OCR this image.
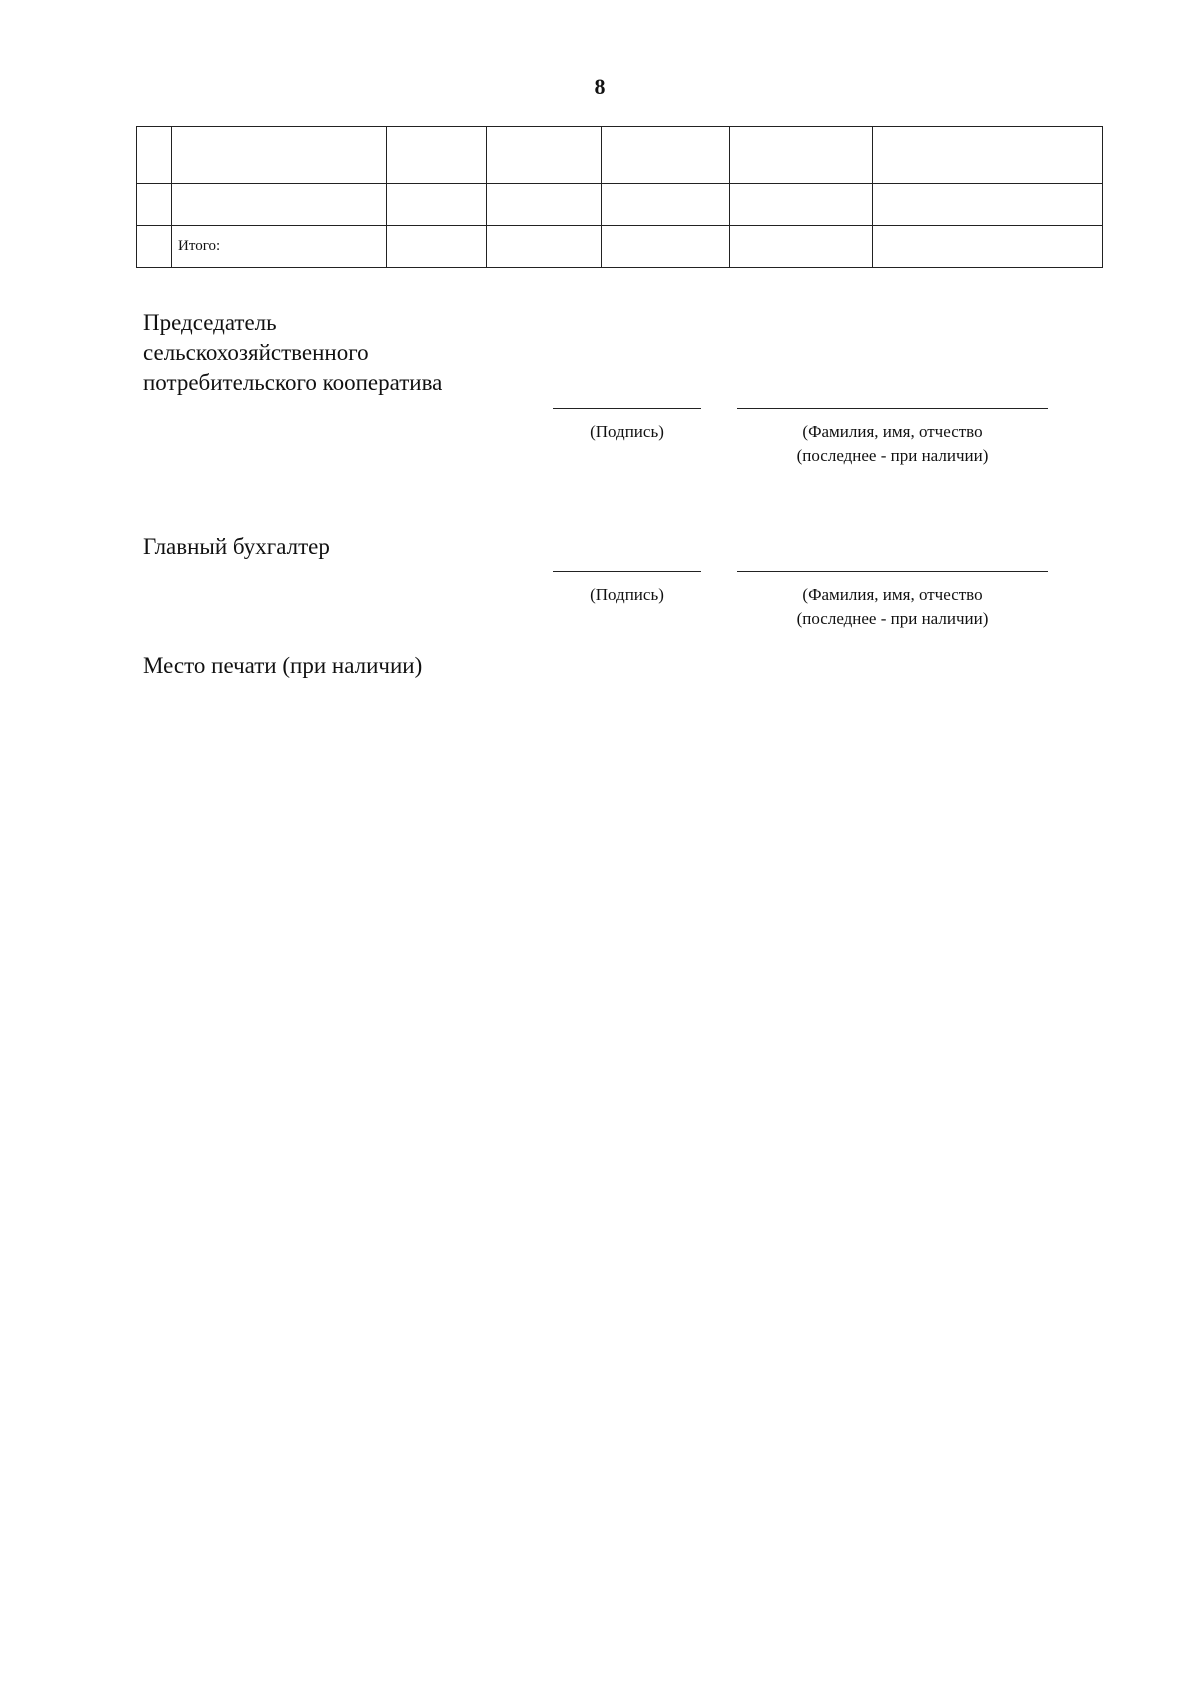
8

	Итого:					
Председатель
сельскохозяйственного
потребительского кооператива
(Подпись)	(Фамилия, имя, отчество
(последнее - при наличии)
Главный бухгалтер
(Подпись)	(Фамилия, имя, отчество
(последнее - при наличии)
Место печати (при наличии)
